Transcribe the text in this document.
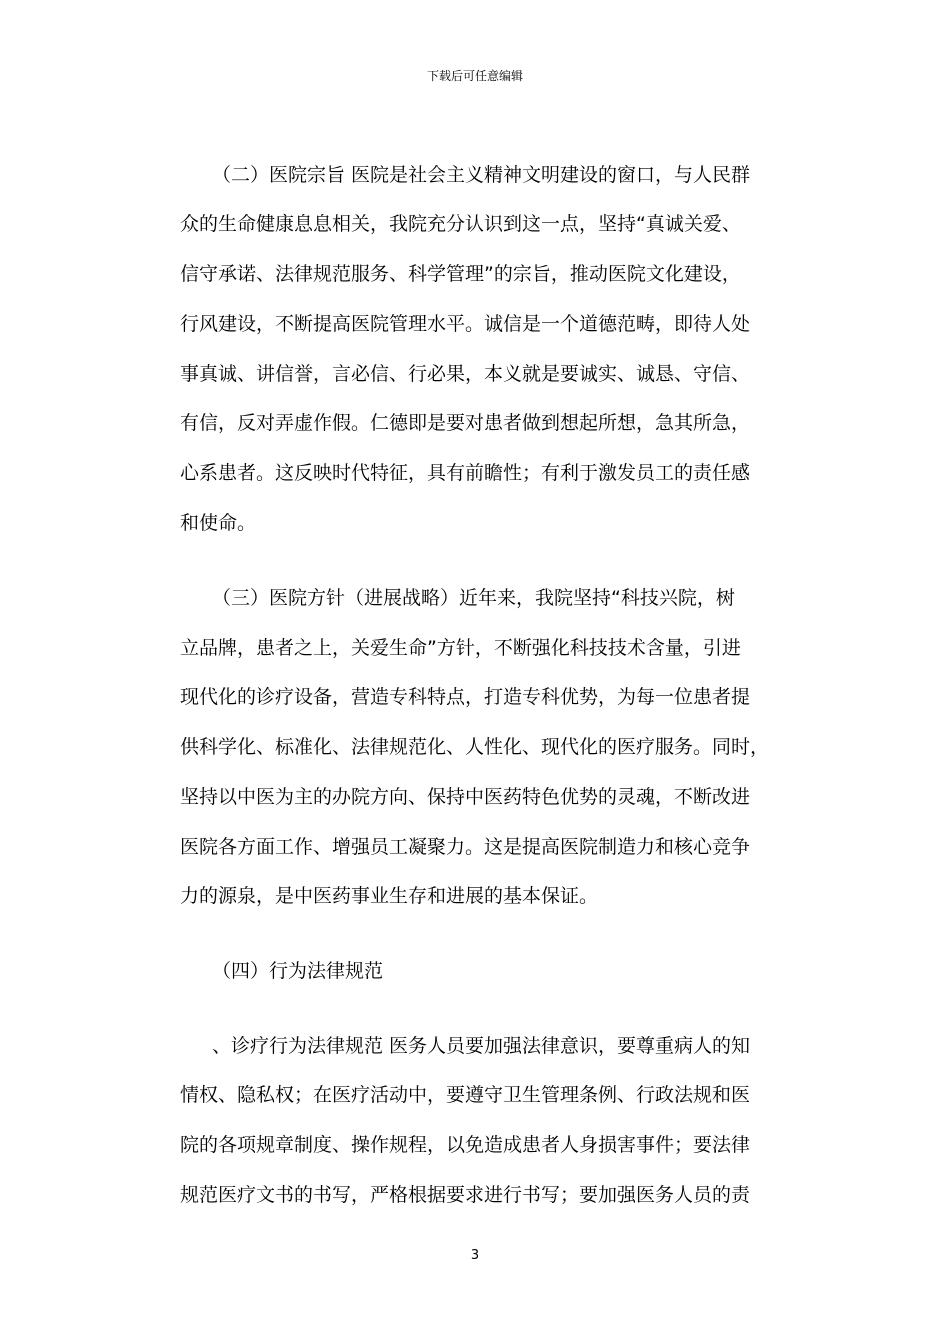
下载后可任意编辑
（二）医院宗旨 医院是社会主义精神文明建设的窗口，与人民群
众的生命健康息息相关，我院充分认识到这一点，坚持“真诚关爱、
信守承诺、法律规范服务、科学管理”的宗旨，推动医院文化建设，
行风建设，不断提高医院管理水平。诚信是一个道德范畴，即待人处
事真诚、讲信誉，言必信、行必果，本义就是要诚实、诚恳、守信、
有信，反对弄虚作假。仁德即是要对患者做到想起所想，急其所急，
心系患者。这反映时代特征，具有前瞻性；有利于激发员工的责任感
和使命。
（三）医院方针（进展战略）近年来，我院坚持“科技兴院，树
立品牌，患者之上，关爱生命”方针，不断强化科技技术含量，引进
现代化的诊疗设备，营造专科特点，打造专科优势，为每一位患者提
供科学化、标准化、法律规范化、人性化、现代化的医疗服务。同时，
坚持以中医为主的办院方向、保持中医药特色优势的灵魂，不断改进
医院各方面工作、增强员工凝聚力。这是提高医院制造力和核心竞争
力的源泉，是中医药事业生存和进展的基本保证。
（四）行为法律规范
、诊疗行为法律规范 医务人员要加强法律意识，要尊重病人的知
情权、隐私权；在医疗活动中，要遵守卫生管理条例、行政法规和医
院的各项规章制度、操作规程，以免造成患者人身损害事件；要法律
规范医疗文书的书写，严格根据要求进行书写；要加强医务人员的责
3
